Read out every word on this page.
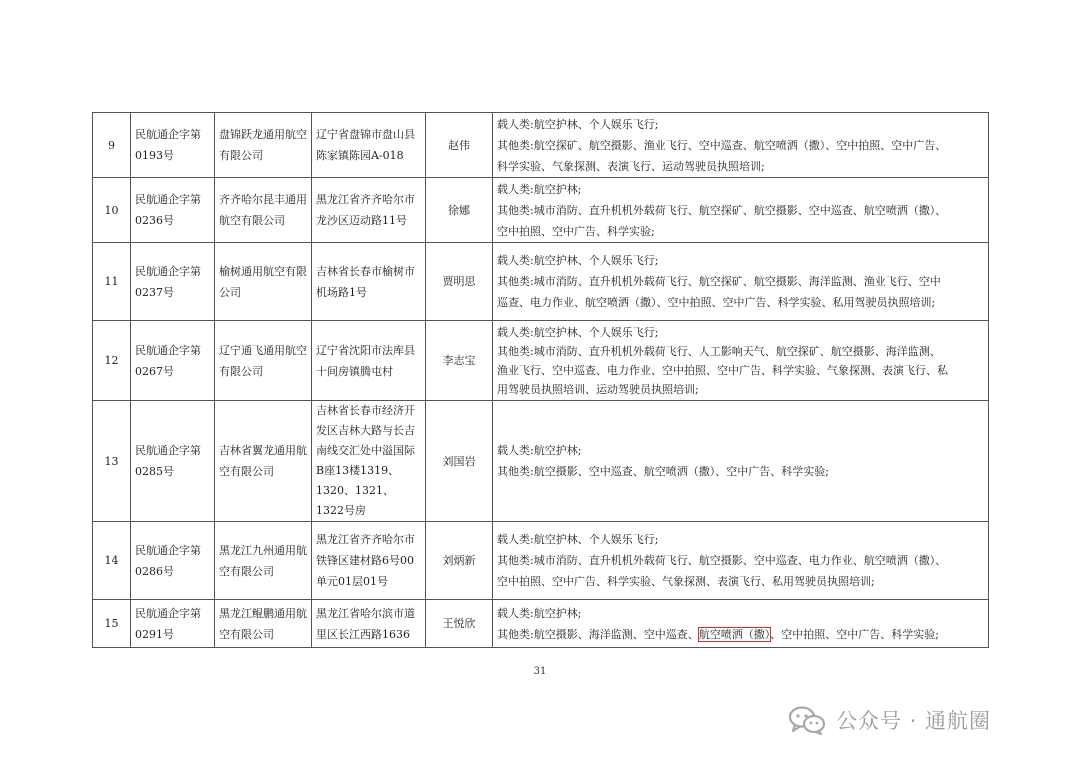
9	民航通企字第0193号	盘锦跃龙通用航空有限公司	辽宁省盘锦市盘山县陈家镇陈园A-018	赵伟	载人类:航空护林、个人娱乐飞行;
其他类:航空探矿、航空摄影、渔业飞行、空中巡查、航空喷洒（撒）、空中拍照、空中广告、
科学实验、气象探测、表演飞行、运动驾驶员执照培训;

10	民航通企字第0236号	齐齐哈尔昆丰通用航空有限公司	黑龙江省齐齐哈尔市龙沙区迈动路11号	徐娜	载人类:航空护林;
其他类:城市消防、直升机机外载荷飞行、航空探矿、航空摄影、空中巡查、航空喷洒（撒）、
空中拍照、空中广告、科学实验;

11	民航通企字第0237号	榆树通用航空有限公司	吉林省长春市榆树市机场路1号	贾明思	载人类:航空护林、个人娱乐飞行;
其他类:城市消防、直升机机外载荷飞行、航空探矿、航空摄影、海洋监测、渔业飞行、空中
巡查、电力作业、航空喷洒（撒）、空中拍照、空中广告、科学实验、私用驾驶员执照培训;

12	民航通企字第0267号	辽宁通飞通用航空有限公司	辽宁省沈阳市法库县十间房镇腾屯村	李志宝	载人类:航空护林、个人娱乐飞行;
其他类:城市消防、直升机机外载荷飞行、人工影响天气、航空探矿、航空摄影、海洋监测、
渔业飞行、空中巡查、电力作业、空中拍照、空中广告、科学实验、气象探测、表演飞行、私
用驾驶员执照培训、运动驾驶员执照培训;

13	民航通企字第0285号	吉林省翼龙通用航空有限公司	吉林省长春市经济开发区吉林大路与长吉南线交汇处中溢国际B座13楼1319、1320、1321、1322号房	刘国岩	载人类:航空护林;
其他类:航空摄影、空中巡查、航空喷洒（撒）、空中广告、科学实验;

14	民航通企字第0286号	黑龙江九州通用航空有限公司	黑龙江省齐齐哈尔市铁锋区建材路6号00单元01层01号	刘炳新	载人类:航空护林、个人娱乐飞行;
其他类:城市消防、直升机机外载荷飞行、航空摄影、空中巡查、电力作业、航空喷洒（撒）、
空中拍照、空中广告、科学实验、气象探测、表演飞行、私用驾驶员执照培训;

15	民航通企字第0291号	黑龙江鲲鹏通用航空有限公司	黑龙江省哈尔滨市道里区长江西路1636	王悦欣	载人类:航空护林;
其他类:航空摄影、海洋监测、空中巡查、航空喷洒（撒）、空中拍照、空中广告、科学实验;
31
公众号 · 通航圈
